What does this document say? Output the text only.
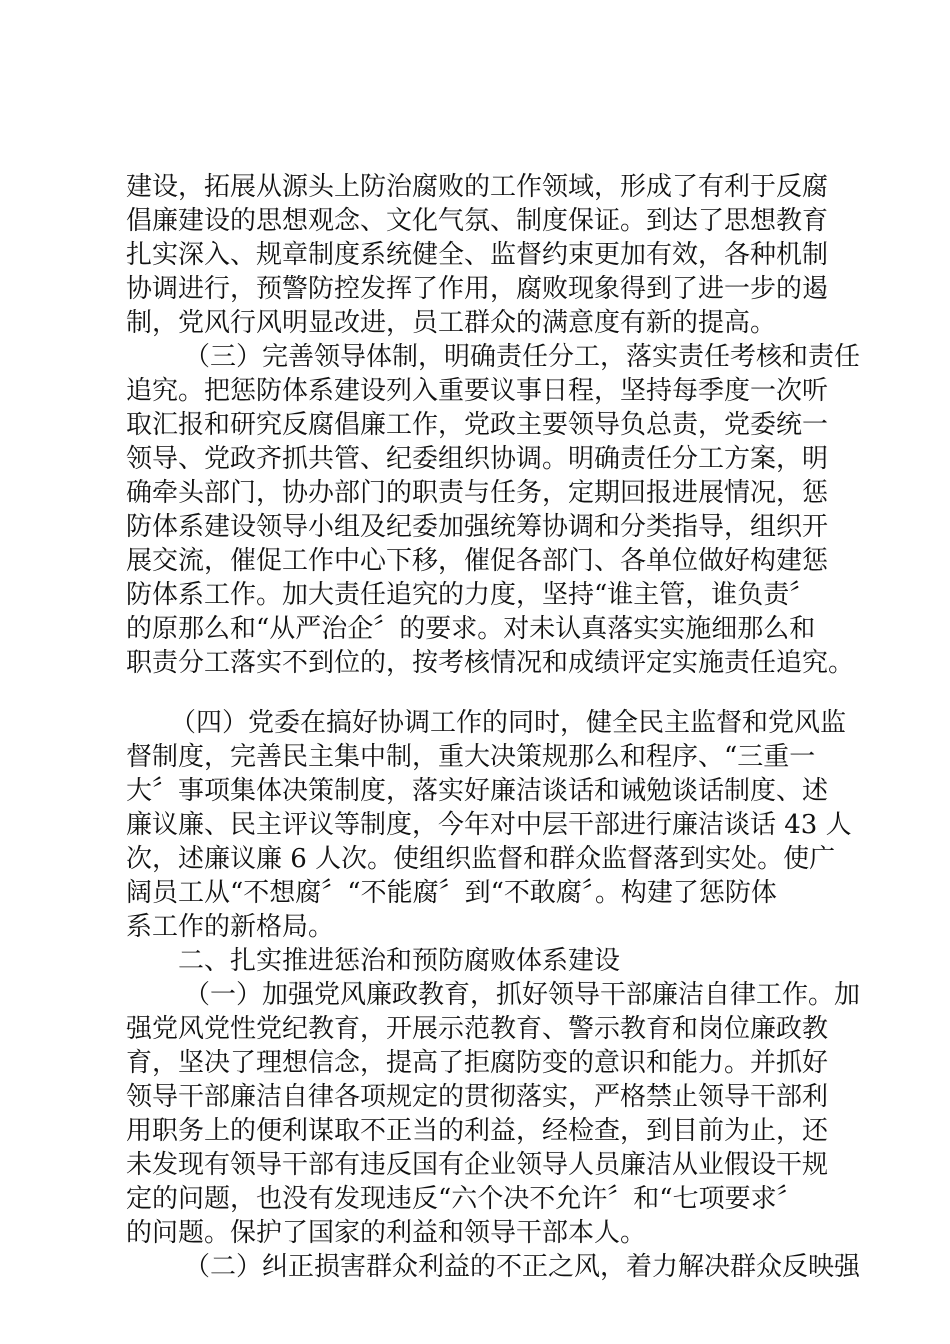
建设，拓展从源头上防治腐败的工作领域，形成了有利于反腐
倡廉建设的思想观念、文化气氛、制度保证。到达了思想教育
扎实深入、规章制度系统健全、监督约束更加有效，各种机制
协调进行，预警防控发挥了作用，腐败现象得到了进一步的遏
制，党风行风明显改进，员工群众的满意度有新的提高。
（三）完善领导体制，明确责任分工，落实责任考核和责任
追究。把惩防体系建设列入重要议事日程，坚持每季度一次听
取汇报和研究反腐倡廉工作，党政主要领导负总责，党委统一
领导、党政齐抓共管、纪委组织协调。明确责任分工方案，明
确牵头部门，协办部门的职责与任务，定期回报进展情况，惩
防体系建设领导小组及纪委加强统筹协调和分类指导，组织开
展交流，催促工作中心下移，催促各部门、各单位做好构建惩
防体系工作。加大责任追究的力度，坚持“谁主管，谁负责〞
的原那么和“从严治企〞的要求。对未认真落实实施细那么和
职责分工落实不到位的，按考核情况和成绩评定实施责任追究。
（四）党委在搞好协调工作的同时，健全民主监督和党风监
督制度，完善民主集中制，重大决策规那么和程序、“三重一
大〞事项集体决策制度，落实好廉洁谈话和诫勉谈话制度、述
廉议廉、民主评议等制度，今年对中层干部进行廉洁谈话 43 人
次，述廉议廉 6 人次。使组织监督和群众监督落到实处。使广
阔员工从“不想腐〞“不能腐〞到“不敢腐〞。构建了惩防体
系工作的新格局。
二、扎实推进惩治和预防腐败体系建设
（一）加强党风廉政教育，抓好领导干部廉洁自律工作。加
强党风党性党纪教育，开展示范教育、警示教育和岗位廉政教
育，坚决了理想信念，提高了拒腐防变的意识和能力。并抓好
领导干部廉洁自律各项规定的贯彻落实，严格禁止领导干部利
用职务上的便利谋取不正当的利益，经检查，到目前为止，还
未发现有领导干部有违反国有企业领导人员廉洁从业假设干规
定的问题，也没有发现违反“六个决不允许〞和“七项要求〞
的问题。保护了国家的利益和领导干部本人。
（二）纠正损害群众利益的不正之风，着力解决群众反映强
